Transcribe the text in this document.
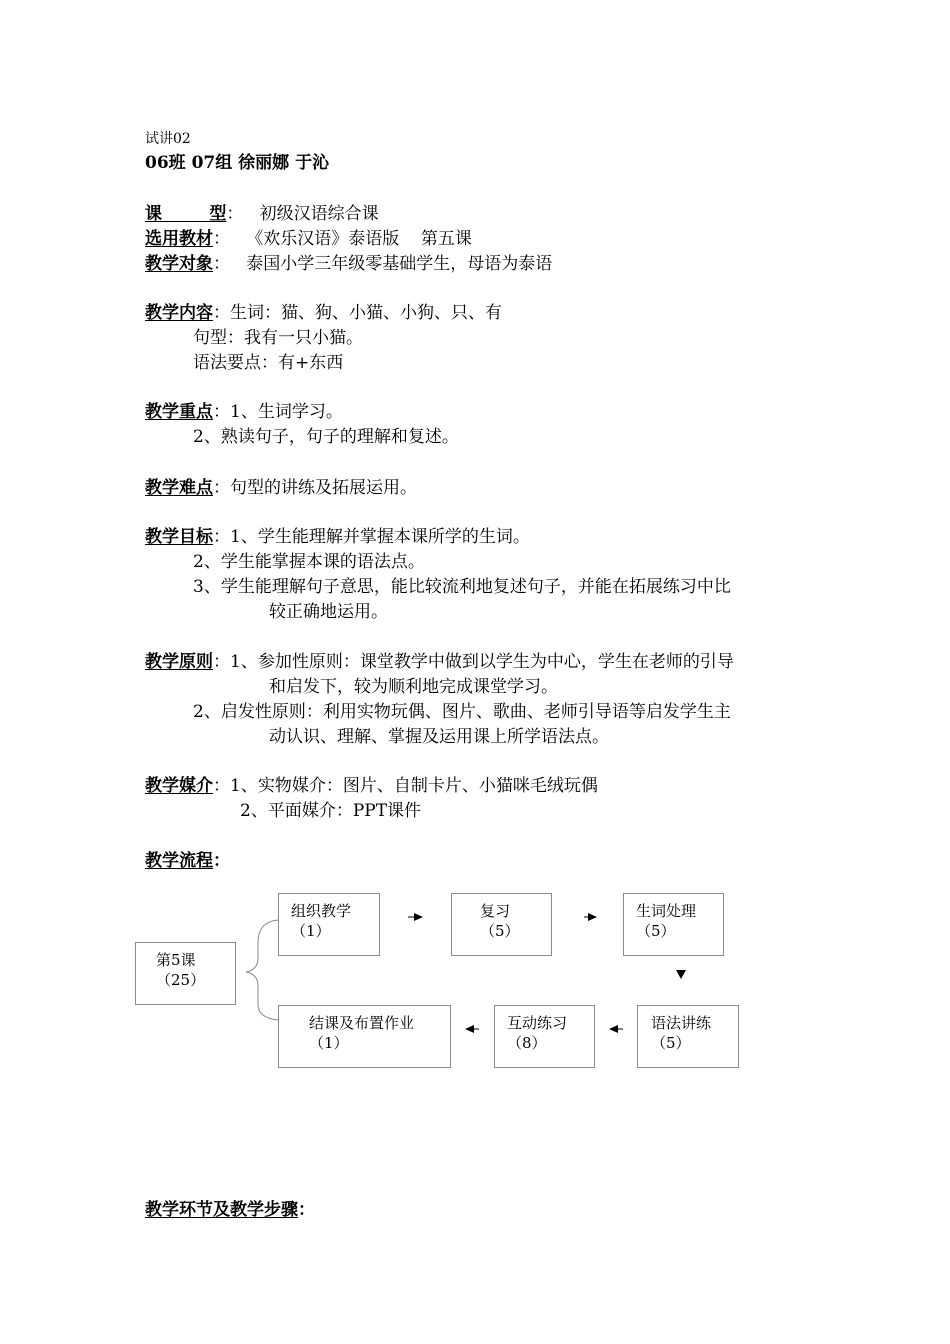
试讲02
06班 07组 徐丽娜 于沁
课        型：   初级汉语综合课
选用教材：   《欢乐汉语》泰语版    第五课
教学对象：   泰国小学三年级零基础学生，母语为泰语
教学内容：生词：猫、狗、小猫、小狗、只、有
句型：我有一只小猫。
语法要点：有+东西
教学重点：1、生词学习。
2、熟读句子，句子的理解和复述。
教学难点：句型的讲练及拓展运用。
教学目标：1、学生能理解并掌握本课所学的生词。
2、学生能掌握本课的语法点。
3、学生能理解句子意思，能比较流利地复述句子，并能在拓展练习中比
较正确地运用。
教学原则：1、参加性原则：课堂教学中做到以学生为中心，学生在老师的引导
和启发下，较为顺利地完成课堂学习。
2、启发性原则：利用实物玩偶、图片、歌曲、老师引导语等启发学生主
动认识、理解、掌握及运用课上所学语法点。
教学媒介：1、实物媒介：图片、自制卡片、小猫咪毛绒玩偶
2、平面媒介：PPT课件
教学流程：
第5课
（25）
组织教学
（1）
复习
（5）
生词处理
（5）
语法讲练
（5）
互动练习
（8）
结课及布置作业
（1）
教学环节及教学步骤：
